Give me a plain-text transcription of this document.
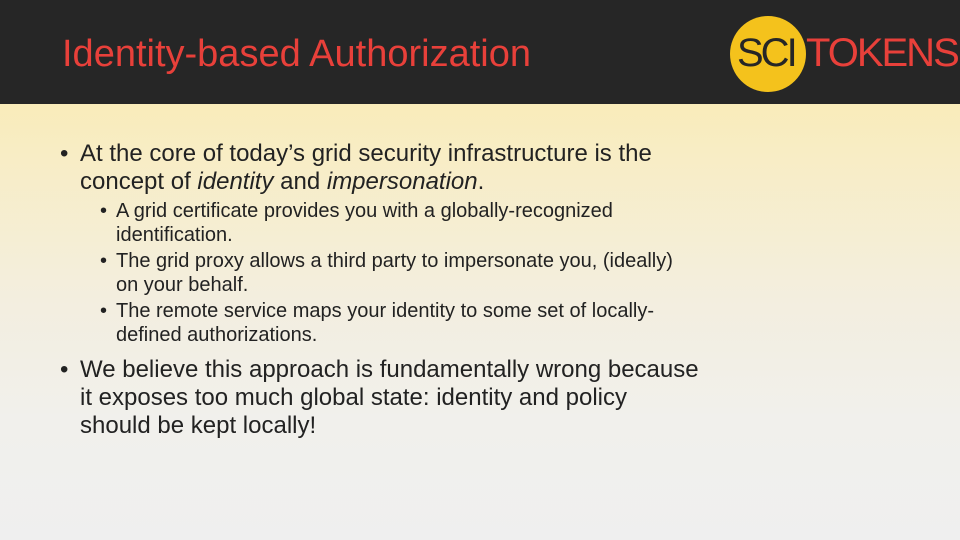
Identity-based Authorization	SCI TOKENS
• At the core of today’s grid security infrastructure is the
concept of identity and impersonation.
• A grid certificate provides you with a globally-recognized
identification.
• The grid proxy allows a third party to impersonate you, (ideally)
on your behalf.
• The remote service maps your identity to some set of locally-
defined authorizations.
• We believe this approach is fundamentally wrong because
it exposes too much global state: identity and policy
should be kept locally!
